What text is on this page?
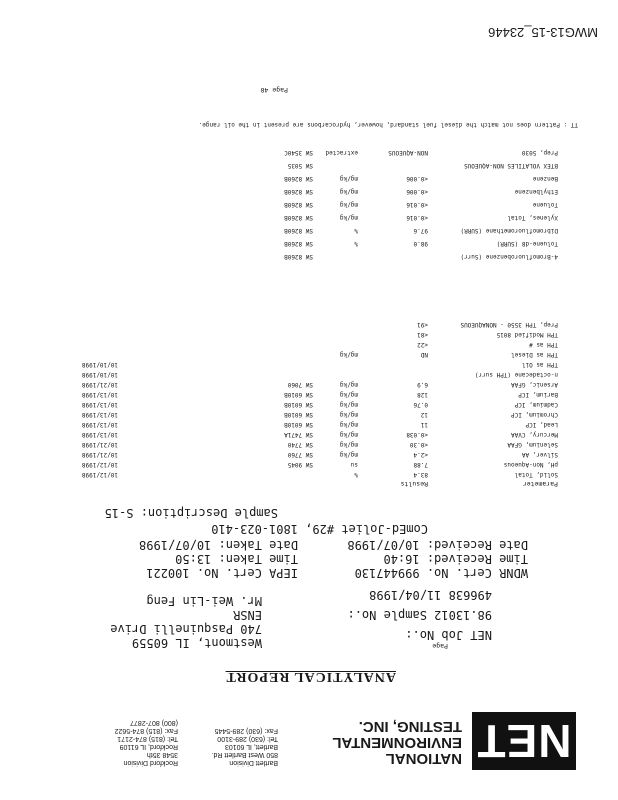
NET
NATIONAL
ENVIRONMENTAL
TESTING, INC.
Bartlett Division
850 West Bartlett Rd.
Bartlett, IL 60103
Tel: (630) 289-3100
Fax: (630) 289-5445
Rockford Division
3548 35th
Rockford, IL 61109
Tel: (815) 874-2171
Fax: (815) 874-5622
(800) 807-2877
ANALYTICAL REPORT
Westmont, IL 60559
740 Pasquinelli Drive
ENSR
Mr. Wei-Lin Feng
Page
NET Job No.:
98.13012 Sample No.:
496638 11/04/1998
WDNR Cert. No. 999447130
Time Received: 16:40
Date Received: 10/07/1998
IEPA Cert. No. 100221
Time Taken: 13:50
Date Taken: 10/07/1998
ComEd-Joliet #29, 1801-023-410
Sample Description: S-15
Parameter
Results
Solid, Total
83.4
%
10/12/1998
pH, Non-Aqueous
7.88
su
SW 9045
10/12/1998
Silver, AA
<2.4
mg/kg
SW 7760
10/21/1998
Selenium, GFAA
<0.30
mg/kg
SW 7740
10/21/1998
Mercury, CVAA
<0.038
mg/kg
SW 7471A
10/13/1998
Lead, ICP
11
mg/kg
SW 6010B
10/13/1998
Chromium, ICP
12
mg/kg
SW 6010B
10/13/1998
Cadmium, ICP
0.76
mg/kg
SW 6010B
10/13/1998
Barium, ICP
128
mg/kg
SW 6010B
10/13/1998
Arsenic, GFAA
6.9
mg/kg
SW 7060
10/21/1998
n-octadecane (TPH surr)
10/10/1998
TPH as Oil
10/10/1998
TPH as Diesel
ND
mg/kg
TPH as #
<22
TPH Modified 8015
<81
Prep, TPH 3550 - NONAQUEOUS
<91
4-Bromofluorobenzene (Surr)
SW 8260B
Toluene-d8 (SURR)
98.0
%
SW 8260B
Dibromofluoromethane (SURR)
97.6
%
SW 8260B
Xylenes, Total
<0.016
mg/kg
SW 8260B
Toluene
<0.016
mg/kg
SW 8260B
Ethylbenzene
<0.006
mg/kg
SW 8260B
Benzene
<0.006
mg/kg
SW 8260B
BTEX VOLATILES NON-AQUEOUS
SW 5035
Prep, 5030
NON-AQUEOUS
extracted
SW 3540C
TT : Pattern does not match the diesel fuel standard, however, hydrocarbons are present in the oil range.
Page 48
MWG13-15_23446
